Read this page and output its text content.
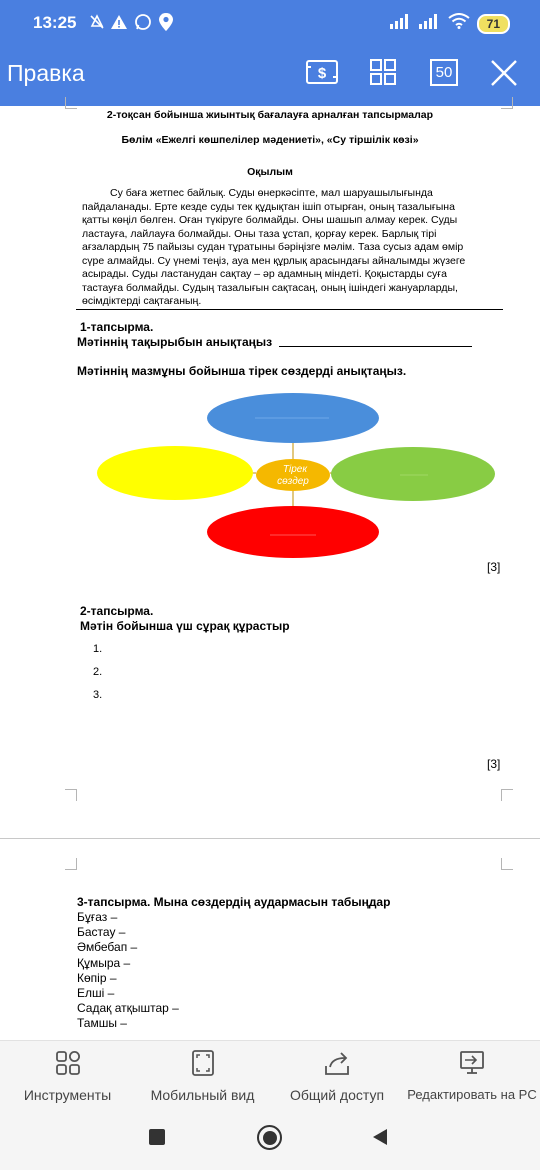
13:25	71
Правка	$	50
2-тоқсан бойынша жиынтық бағалауға арналған тапсырмалар
Бөлім «Ежелгі көшпелілер мәдениеті», «Су тіршілік көзі»
Оқылым
Су баға жетпес байлық. Суды өнеркәсіпте, мал шаруашылығында
пайдаланады. Ерте кезде суды тек құдықтан ішіп отырған, оның тазалығына
қатты көңіл бөлген. Оған түкіруге болмайды. Оны шашып алмау керек. Суды
ластауға, лайлауға болмайды. Оны таза ұстап, қорғау керек. Барлық тірі
ағзалардың 75 пайызы судан тұратыны бәріңізге мәлім. Таза сусыз адам өмір
сүре алмайды. Су үнемі теңіз, ауа мен құрлық арасындағы айналымды жүзеге
асырады. Суды ластанудан сақтау – әр адамның міндеті. Қоқыстарды суға
тастауға болмайды. Судың тазалығын сақтасаң, оның ішіндегі жануарларды,
өсімдіктерді сақтағаның.
1-тапсырма.
Мәтіннің тақырыбын анықтаңыз
Мәтіннің мазмұны бойынша тірек сөздерді анықтаңыз.
Тірек
сөздер
[3]
2-тапсырма.
Мәтін бойынша үш сұрақ құрастыр
1.
2.
3.
[3]
3-тапсырма. Мына сөздердің аудармасын табыңдар
Бұғаз –
Бастау –
Әмбебап –
Құмыра –
Көпір –
Елші –
Садақ атқыштар –
Тамшы –
Инструменты	Мобильный вид	Общий доступ Редактировать на PC
